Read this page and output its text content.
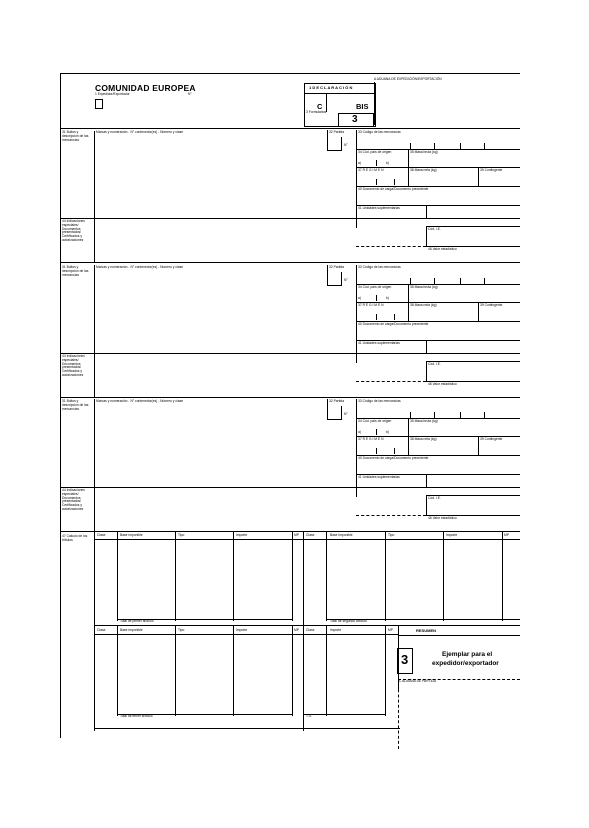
COMUNIDAD EUROPEA
1 Expedidor/Exportador	N°
1 D E C L A R A C I Ó N
C	BIS
3 Formularios
3
A ADUANA DE EXPEDICIÓN/EXPORTACIÓN
31 Bultos y descripción de las mercancías
Marcas y numeración - N° contenedor(es) - Número y clase	32 Partida
N°
33 Código de las mercancías
34 Cód. país de origen	35 Masa bruta (kg)
a)	b)
37 R É G I M E N	38 Masa neta (kg)	39 Contingente
40 Documento de carga/Documento precedente
41 Unidades suplementarias
44 Indicaciones especiales/ Documentos presentados/ Certificados y autorizaciones
Cód. I.E.
46 Valor estadístico
31 Bultos y descripción de las mercancías
Marcas y numeración - N° contenedor(es) - Número y clase	32 Partida
N°
33 Código de las mercancías
34 Cód. país de origen	35 Masa bruta (kg)
a)	b)
37 R É G I M E N	38 Masa neta (kg)	39 Contingente
40 Documento de carga/Documento precedente
41 Unidades suplementarias
44 Indicaciones especiales/ Documentos presentados/ Certificados y autorizaciones
Cód. I.E.
46 Valor estadístico
31 Bultos y descripción de las mercancías
Marcas y numeración - N° contenedor(es) - Número y clase	32 Partida
N°
33 Código de las mercancías
34 Cód. país de origen	35 Masa bruta (kg)
a)	b)
37 R É G I M E N	38 Masa neta (kg)	39 Contingente
40 Documento de carga/Documento precedente
41 Unidades suplementarias
44 Indicaciones especiales/ Documentos presentados/ Certificados y autorizaciones
Cód. I.E.
46 Valor estadístico
47 Cálculo de los tributos
Clase	Base imponible	Tipo	Importe	MP Clase	Base imponible	Tipo	Importe	MP
Total de primer artículo	Total de segundo artículo
Clase	Base imponible	Tipo	Importe	MP Clase	Importe	MP	RESUMEN
Total de tercer artículo	T.G.
3	Ejemplar para el
expedidor/exportador
C ADUANA DE PARTIDA
